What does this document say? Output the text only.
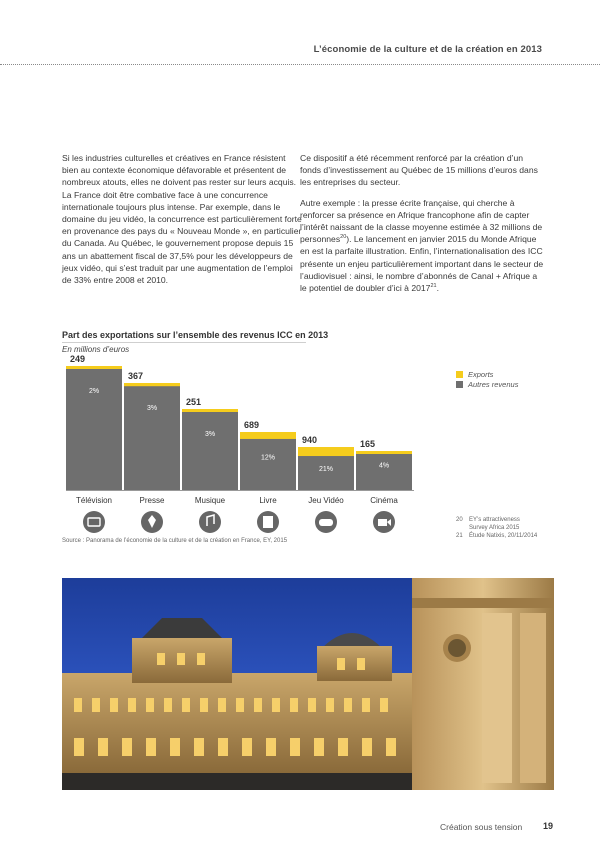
L’économie de la culture et de la création en 2013

Si les industries culturelles et créatives en France résistent bien au contexte économique défavorable et présentent de nombreux atouts, elles ne doivent pas rester sur leurs acquis. La France doit être combative face à une concurrence internationale toujours plus intense. Par exemple, dans le domaine du jeu vidéo, la concurrence est particulièrement forte en provenance des pays du « Nouveau Monde », en particulier du Canada. Au Québec, le gouvernement propose depuis 15 ans un abattement fiscal de 37,5% pour les développeurs de jeux vidéo, qui s’est traduit par une augmentation de l’emploi de 33% entre 2008 et 2010.

Ce dispositif a été récemment renforcé par la création d’un fonds d’investissement au Québec de 15 millions d’euros dans les entreprises du secteur.

Autre exemple : la presse écrite française, qui cherche à renforcer sa présence en Afrique francophone afin de capter l’intérêt naissant de la classe moyenne estimée à 32 millions de personnes$^{20}$). Le lancement en janvier 2015 du Monde Afrique en est la parfaite illustration. Enfin, l’internationalisation des ICC présente un enjeu particulièrement important dans le secteur de l’audiovisuel : ainsi, le nombre d’abonnés de Canal + Afrique a le potentiel de doubler d’ici à 2017$^{21}$.

Part des exportations sur l’ensemble des revenus ICC en 2013
En millions d’euros
249
2%
Télévision
367
3%
Presse
251
3%
Musique
689
12%
Livre
940
21%
Jeu Vidéo
165
4%
Cinéma
Exports
Autres revenus
20	EY’s attractiveness Survey Africa 2015
21	Étude Natixis, 20/11/2014
Source : Panorama de l’économie de la culture et de la création en France, EY, 2015
Création sous tension 19
